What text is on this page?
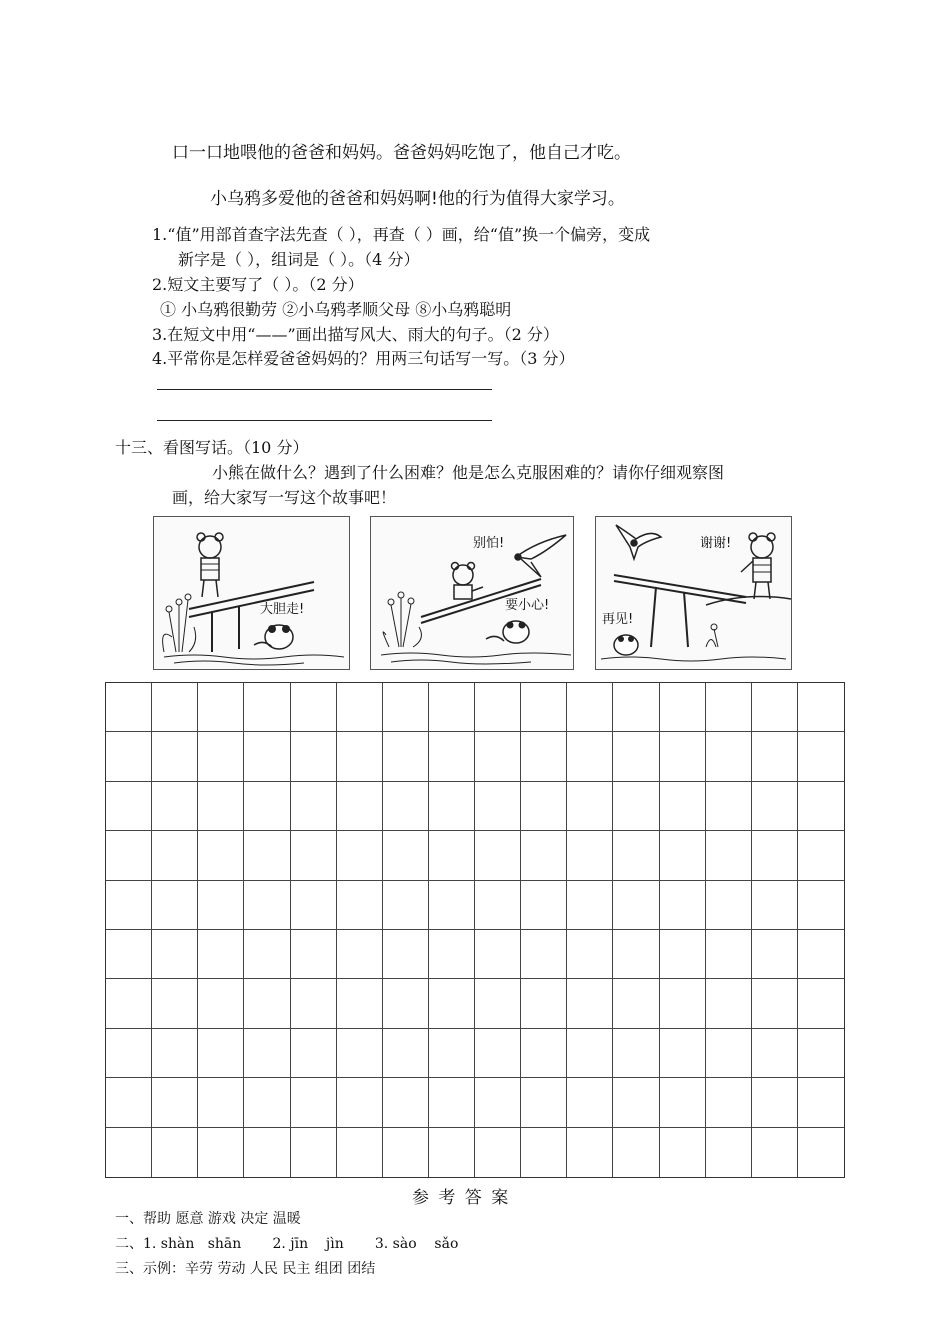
口一口地喂他的爸爸和妈妈。爸爸妈妈吃饱了，他自己才吃。
小乌鸦多爱他的爸爸和妈妈啊!他的行为值得大家学习。
1.“值”用部首查字法先查（ ），再查（ ）画，给“值”换一个偏旁，变成
新字是（ ），组词是（ ）。（4 分）
2.短文主要写了（ ）。（2 分）
① 小乌鸦很勤劳 ②小乌鸦孝顺父母 ⑧小乌鸦聪明
3.在短文中用“——”画出描写风大、雨大的句子。（2 分）
4.平常你是怎样爱爸爸妈妈的？用两三句话写一写。（3 分）
十三、看图写话。（10 分）
小熊在做什么？遇到了什么困难？他是怎么克服困难的？请你仔细观察图
画，给大家写一写这个故事吧！
大胆走!
别怕!
要小心!
谢谢!
再见!
参 考 答 案
一、帮助 愿意 游戏 决定 温暖
二、1. shàn   shān       2. jīn    jìn       3. sào    sǎo
三、示例：辛劳 劳动 人民 民主 组团 团结
